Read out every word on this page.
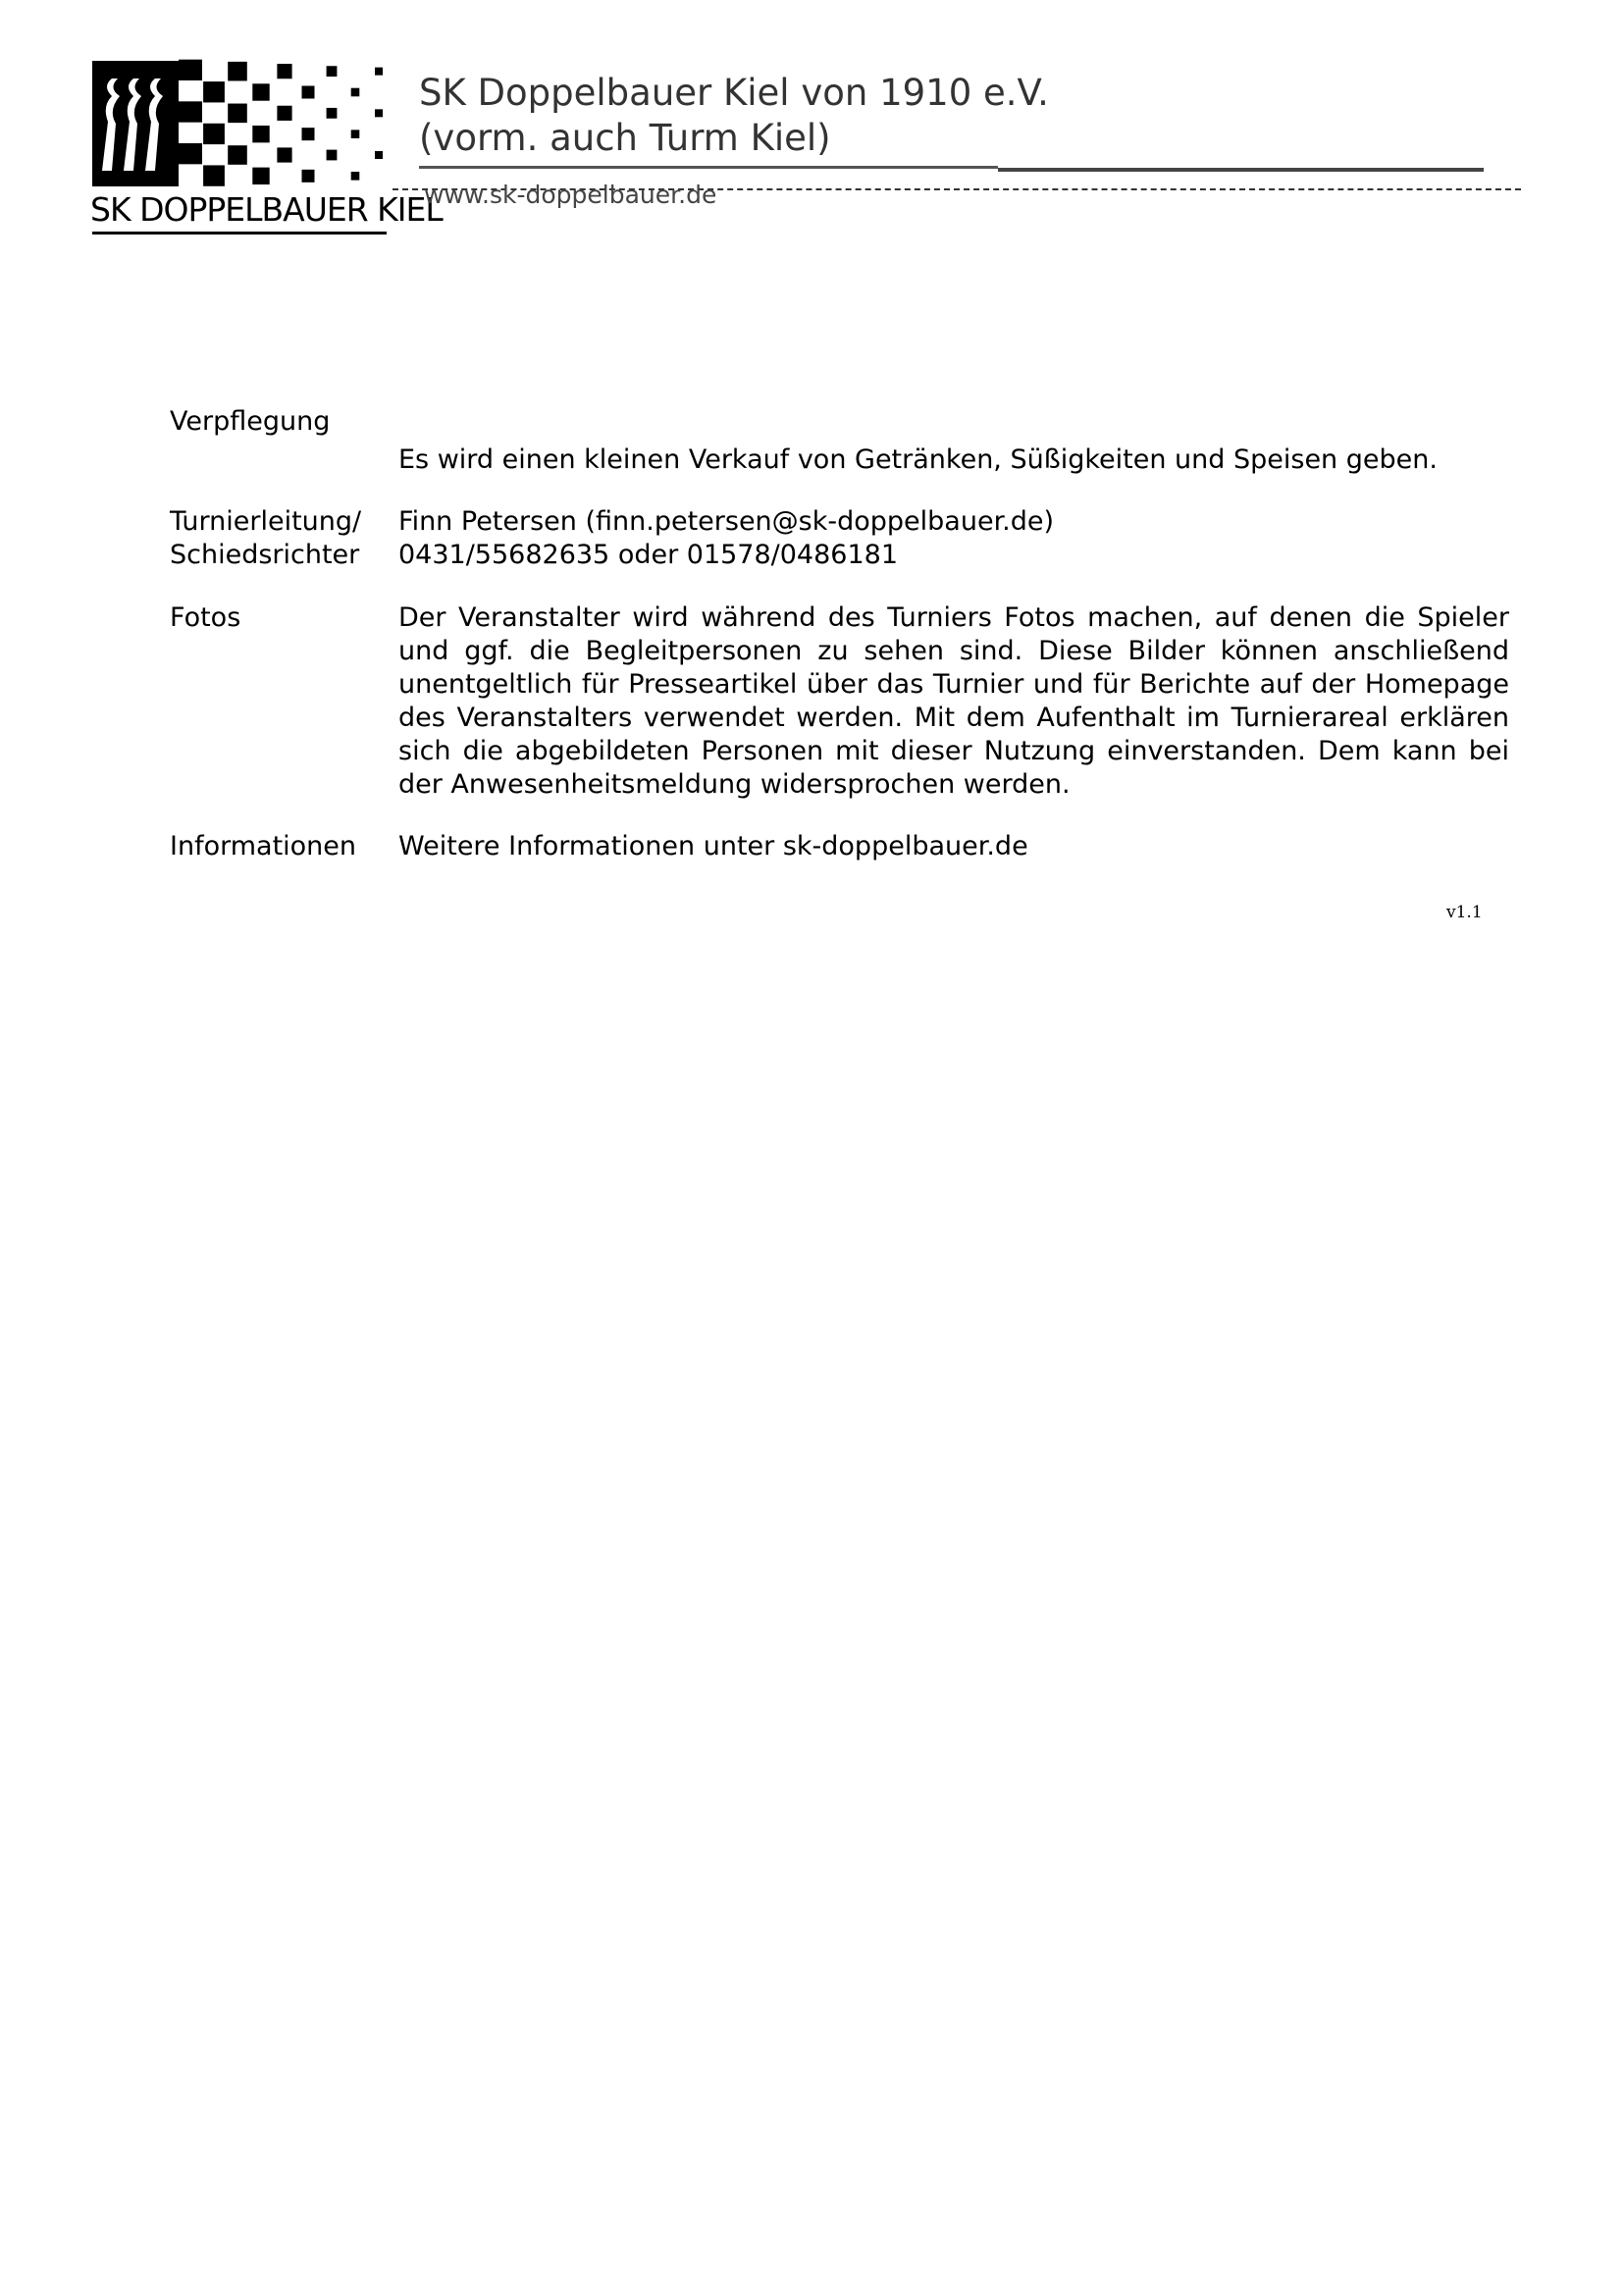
SK DOPPELBAUER KIEL
SK Doppelbauer Kiel von 1910 e.V.
(vorm. auch Turm Kiel)
www.sk-doppelbauer.de
Verpflegung
Es wird einen kleinen Verkauf von Getränken, Süßigkeiten und Speisen geben.
Turnierleitung/
Schiedsrichter
Finn Petersen (finn.petersen@sk-doppelbauer.de)
0431/55682635 oder 01578/0486181
Fotos	Der Veranstalter wird während des Turniers Fotos machen, auf denen die Spieler und ggf. die Begleitpersonen zu sehen sind. Diese Bilder können anschließend unentgeltlich für Presseartikel über das Turnier und für Berichte auf der Homepage des Veranstalters verwendet werden. Mit dem Aufenthalt im Turnierareal erklären sich die abgebildeten Personen mit dieser Nutzung einverstanden. Dem kann bei der Anwesenheitsmeldung widersprochen werden.
Informationen	Weitere Informationen unter sk-doppelbauer.de
v1.1
